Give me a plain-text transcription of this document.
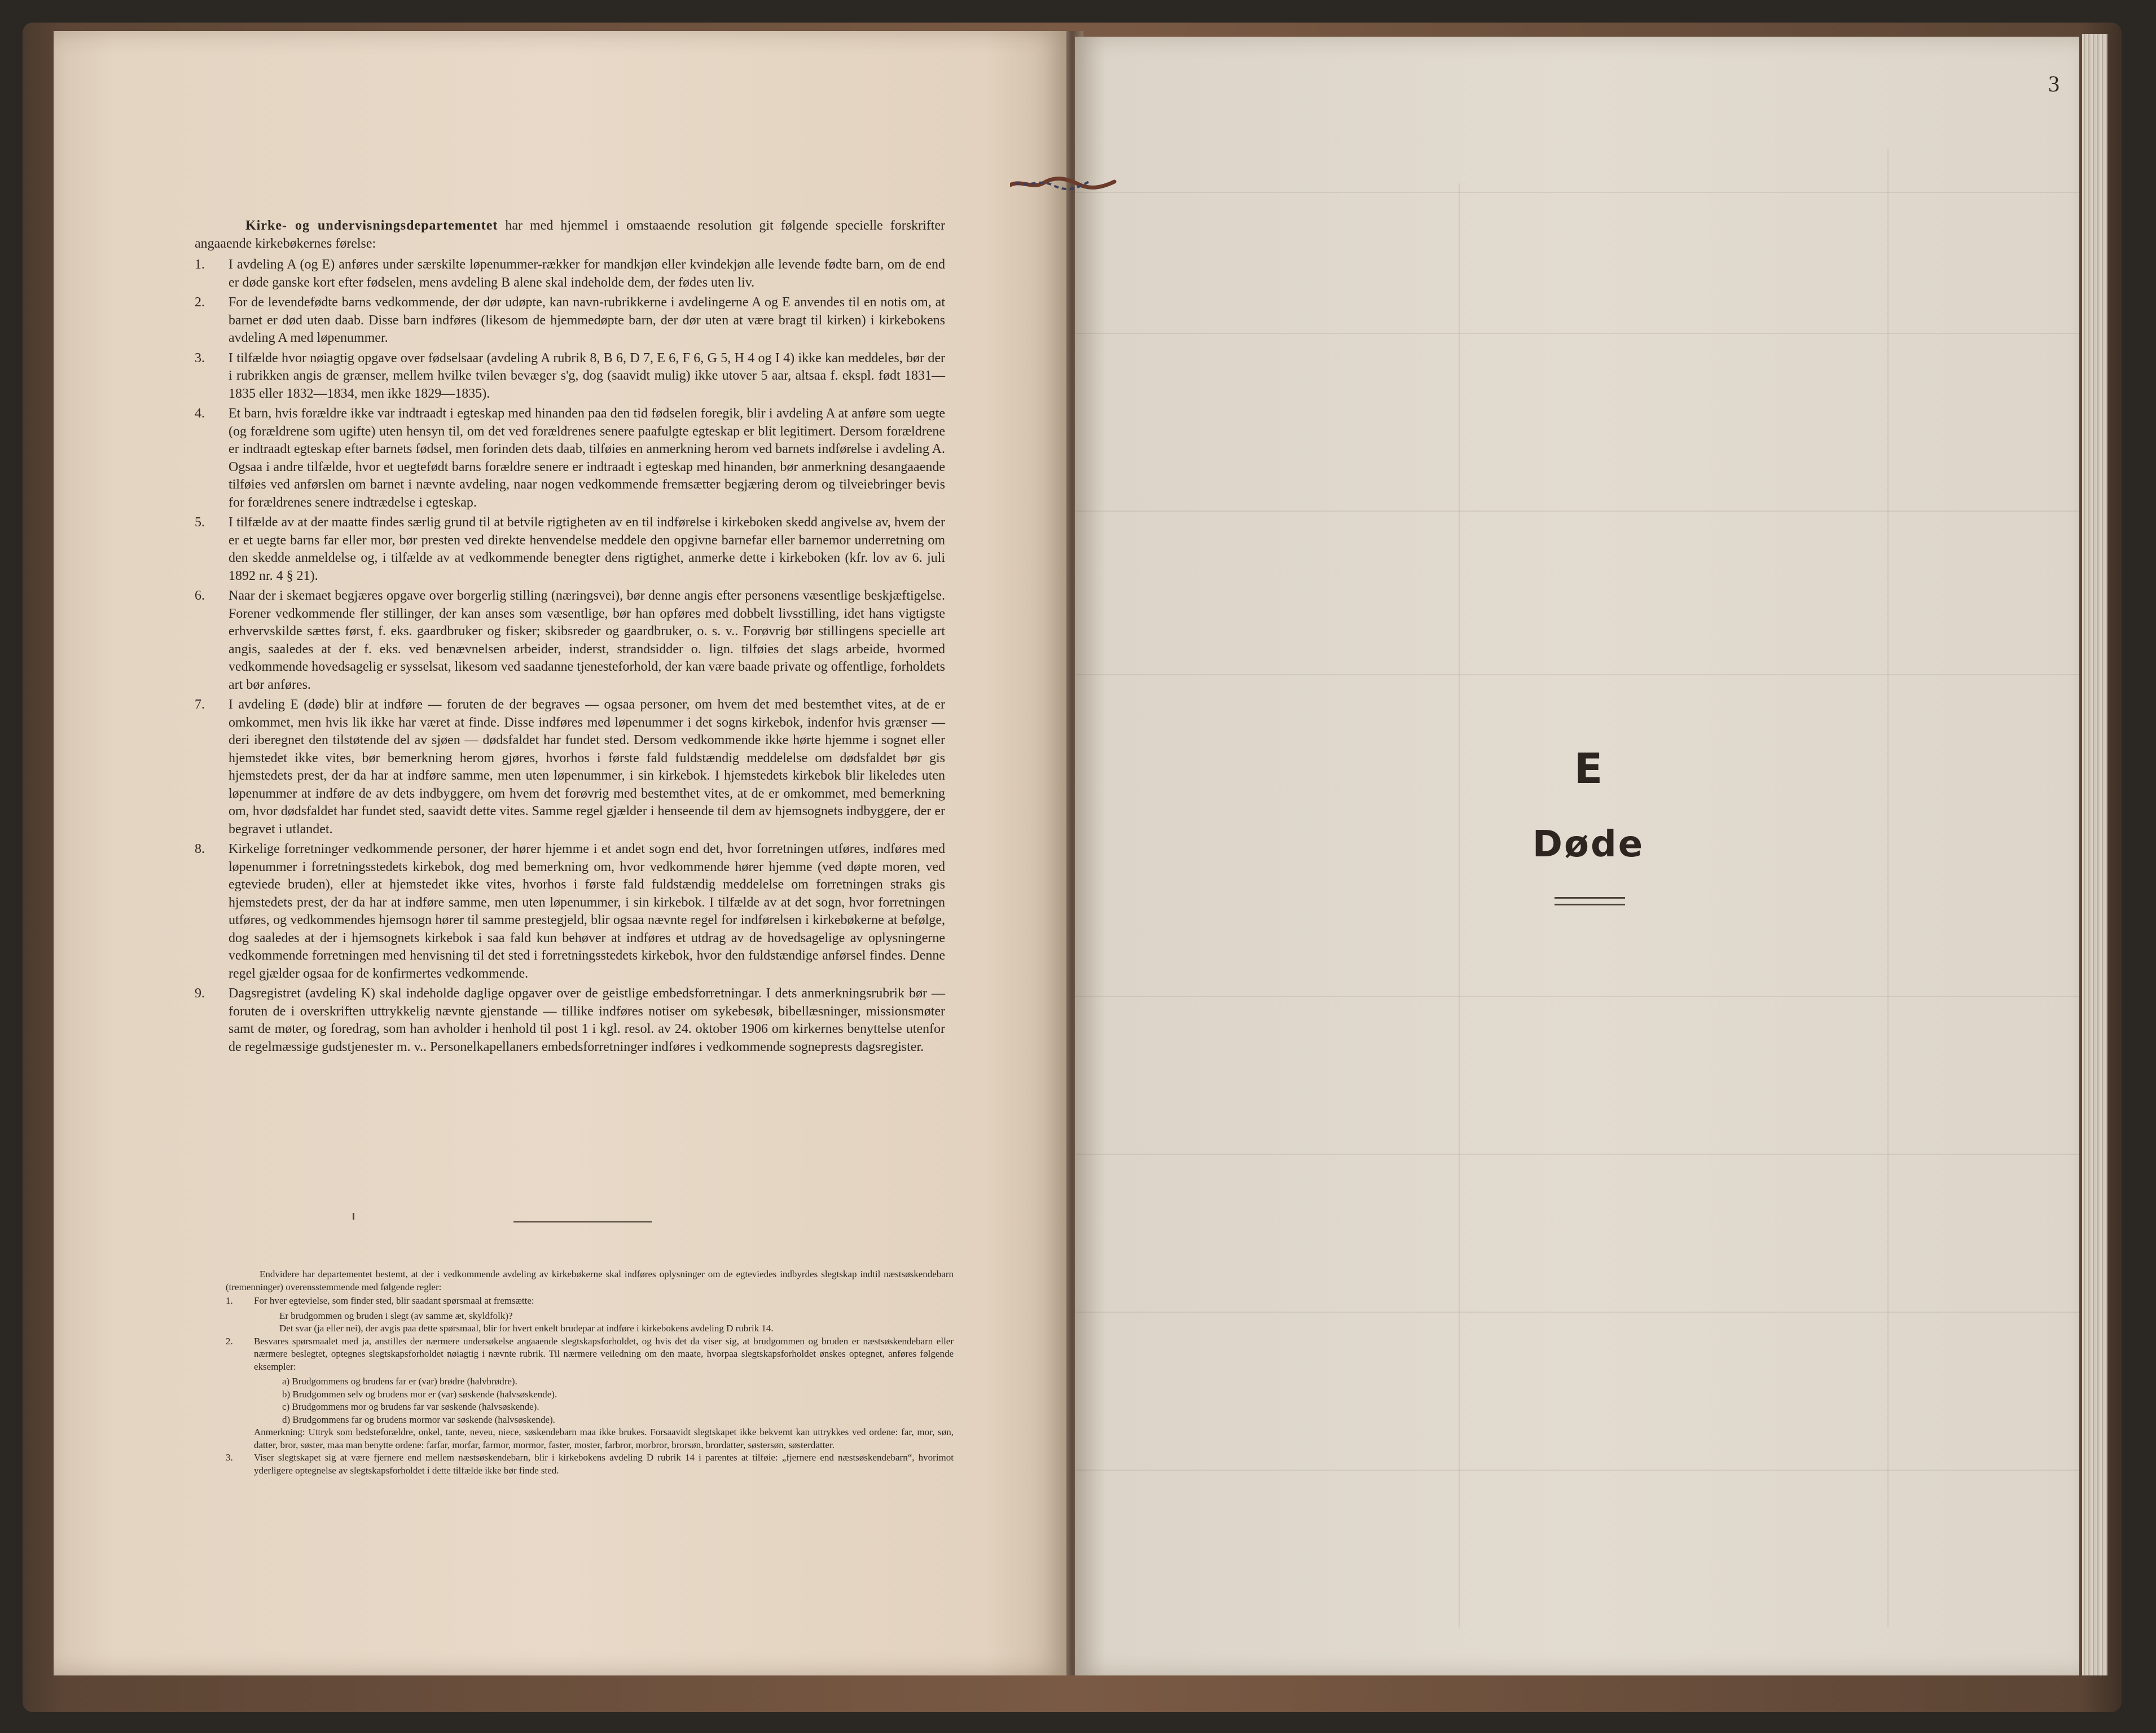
Kirke- og undervisningsdepartementet har med hjemmel i omstaaende resolution git følgende specielle forskrifter angaaende kirkebøkernes førelse:
1.	I avdeling A (og E) anføres under særskilte løpenummer-rækker for mandkjøn eller kvindekjøn alle levende fødte barn, om de end er døde ganske kort efter fødselen, mens avdeling B alene skal indeholde dem, der fødes uten liv.
2.	For de levendefødte barns vedkommende, der dør udøpte, kan navn-rubrikkerne i avdelingerne A og E anvendes til en notis om, at barnet er død uten daab. Disse barn indføres (likesom de hjemmedøpte barn, der dør uten at være bragt til kirken) i kirkebokens avdeling A med løpenummer.
3.	I tilfælde hvor nøiagtig opgave over fødselsaar (avdeling A rubrik 8, B 6, D 7, E 6, F 6, G 5, H 4 og I 4) ikke kan meddeles, bør der i rubrikken angis de grænser, mellem hvilke tvilen bevæger s'g, dog (saavidt mulig) ikke utover 5 aar, altsaa f. ekspl. født 1831—1835 eller 1832—1834, men ikke 1829—1835).
4.	Et barn, hvis forældre ikke var indtraadt i egteskap med hinanden paa den tid fødselen foregik, blir i avdeling A at anføre som uegte (og forældrene som ugifte) uten hensyn til, om det ved forældrenes senere paafulgte egteskap er blit legitimert. Dersom forældrene er indtraadt egteskap efter barnets fødsel, men forinden dets daab, tilføies en anmerkning herom ved barnets indførelse i avdeling A. Ogsaa i andre tilfælde, hvor et uegtefødt barns forældre senere er indtraadt i egteskap med hinanden, bør anmerkning desangaaende tilføies ved anførslen om barnet i nævnte avdeling, naar nogen vedkommende fremsætter begjæring derom og tilveiebringer bevis for forældrenes senere indtrædelse i egteskap.
5.	I tilfælde av at der maatte findes særlig grund til at betvile rigtigheten av en til indførelse i kirkeboken skedd angivelse av, hvem der er et uegte barns far eller mor, bør presten ved direkte henvendelse meddele den opgivne barnefar eller barnemor underretning om den skedde anmeldelse og, i tilfælde av at vedkommende benegter dens rigtighet, anmerke dette i kirkeboken (kfr. lov av 6. juli 1892 nr. 4 § 21).
6.	Naar der i skemaet begjæres opgave over borgerlig stilling (næringsvei), bør denne angis efter personens væsentlige beskjæftigelse. Forener vedkommende fler stillinger, der kan anses som væsentlige, bør han opføres med dobbelt livsstilling, idet hans vigtigste erhvervskilde sættes først, f. eks. gaardbruker og fisker; skibsreder og gaardbruker, o. s. v.. Forøvrig bør stillingens specielle art angis, saaledes at der f. eks. ved benævnelsen arbeider, inderst, strandsidder o. lign. tilføies det slags arbeide, hvormed vedkommende hovedsagelig er sysselsat, likesom ved saadanne tjenesteforhold, der kan være baade private og offentlige, forholdets art bør anføres.
7.	I avdeling E (døde) blir at indføre — foruten de der begraves — ogsaa personer, om hvem det med bestemthet vites, at de er omkommet, men hvis lik ikke har været at finde. Disse indføres med løpenummer i det sogns kirkebok, indenfor hvis grænser — deri iberegnet den tilstøtende del av sjøen — dødsfaldet har fundet sted. Dersom vedkommende ikke hørte hjemme i sognet eller hjemstedet ikke vites, bør bemerkning herom gjøres, hvorhos i første fald fuldstændig meddelelse om dødsfaldet bør gis hjemstedets prest, der da har at indføre samme, men uten løpenummer, i sin kirkebok. I hjemstedets kirkebok blir likeledes uten løpenummer at indføre de av dets indbyggere, om hvem det forøvrig med bestemthet vites, at de er omkommet, med bemerkning om, hvor dødsfaldet har fundet sted, saavidt dette vites. Samme regel gjælder i henseende til dem av hjemsognets indbyggere, der er begravet i utlandet.
8.	Kirkelige forretninger vedkommende personer, der hører hjemme i et andet sogn end det, hvor forretningen utføres, indføres med løpenummer i forretningsstedets kirkebok, dog med bemerkning om, hvor vedkommende hører hjemme (ved døpte moren, ved egteviede bruden), eller at hjemstedet ikke vites, hvorhos i første fald fuldstændig meddelelse om forretningen straks gis hjemstedets prest, der da har at indføre samme, men uten løpenummer, i sin kirkebok. I tilfælde av at det sogn, hvor forretningen utføres, og vedkommendes hjemsogn hører til samme prestegjeld, blir ogsaa nævnte regel for indførelsen i kirkebøkerne at befølge, dog saaledes at der i hjemsognets kirkebok i saa fald kun behøver at indføres et utdrag av de hovedsagelige av oplysningerne vedkommende forretningen med henvisning til det sted i forretningsstedets kirkebok, hvor den fuldstændige anførsel findes. Denne regel gjælder ogsaa for de konfirmertes vedkommende.
9.	Dagsregistret (avdeling K) skal indeholde daglige opgaver over de geistlige embedsforretningar. I dets anmerkningsrubrik bør — foruten de i overskriften uttrykkelig nævnte gjenstande — tillike indføres notiser om sykebesøk, bibellæsninger, missionsmøter samt de møter, og foredrag, som han avholder i henhold til post 1 i kgl. resol. av 24. oktober 1906 om kirkernes benyttelse utenfor de regelmæssige gudstjenester m. v.. Personelkapellaners embedsforretninger indføres i vedkommende sogneprests dagsregister.
Endvidere har departementet bestemt, at der i vedkommende avdeling av kirkebøkerne skal indføres oplysninger om de egteviedes indbyrdes slegtskap indtil næstsøskendebarn (tremenninger) overensstemmende med følgende regler:
1.	For hver egtevielse, som finder sted, blir saadant spørsmaal at fremsætte:
Er brudgommen og bruden i slegt (av samme æt, skyldfolk)?
Det svar (ja eller nei), der avgis paa dette spørsmaal, blir for hvert enkelt brudepar at indføre i kirkebokens avdeling D rubrik 14.
2.	Besvares spørsmaalet med ja, anstilles der nærmere undersøkelse angaaende slegtskapsforholdet, og hvis det da viser sig, at brudgommen og bruden er næstsøskendebarn eller nærmere beslegtet, optegnes slegtskapsforholdet nøiagtig i nævnte rubrik. Til nærmere veiledning om den maate, hvorpaa slegtskapsforholdet ønskes optegnet, anføres følgende eksempler:
a) Brudgommens og brudens far er (var) brødre (halvbrødre).
b) Brudgommen selv og brudens mor er (var) søskende (halvsøskende).
c) Brudgommens mor og brudens far var søskende (halvsøskende).
d) Brudgommens far og brudens mormor var søskende (halvsøskende).
Anmerkning: Uttryk som bedsteforældre, onkel, tante, neveu, niece, søskendebarn maa ikke brukes. Forsaavidt slegtskapet ikke bekvemt kan uttrykkes ved ordene: far, mor, søn, datter, bror, søster, maa man benytte ordene: farfar, morfar, farmor, mormor, faster, moster, farbror, morbror, brorsøn, brordatter, søstersøn, søsterdatter.
3.	Viser slegtskapet sig at være fjernere end mellem næstsøskendebarn, blir i kirkebokens avdeling D rubrik 14 i parentes at tilføie: „fjernere end næstsøskendebarn“, hvorimot yderligere optegnelse av slegtskapsforholdet i dette tilfælde ikke bør finde sted.
3
E
Døde
